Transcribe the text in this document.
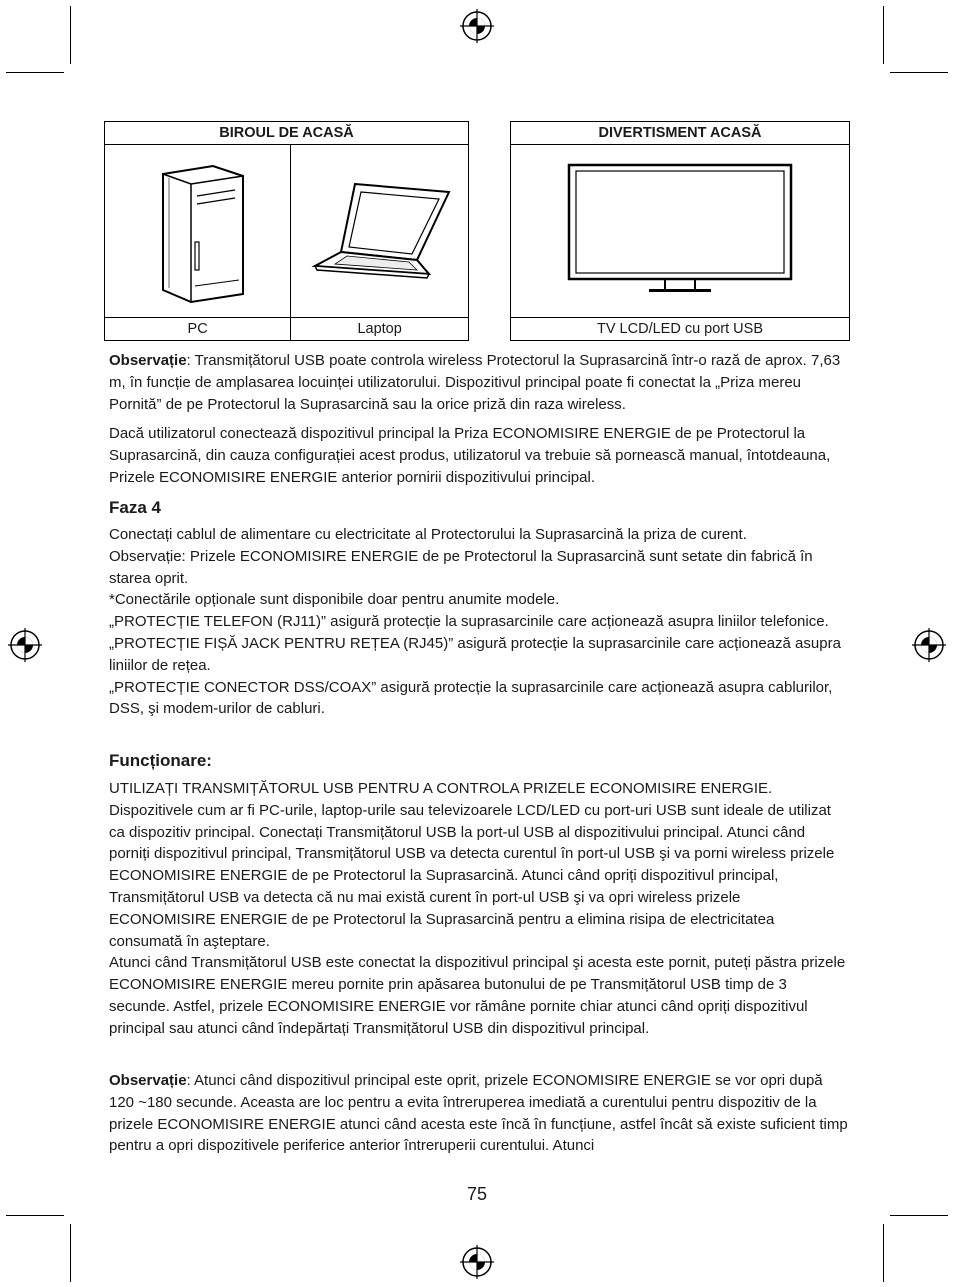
BIROUL DE ACASĂ	

PC	Laptop
DIVERTISMENT ACASĂ

TV LCD/LED cu port USB

Observație: Transmițătorul USB poate controla wireless Protectorul la Suprasarcină într-o rază de aprox. 7,63 m, în funcție de amplasarea locuinței utilizatorului. Dispozitivul principal poate fi conectat la „Priza mereu Pornită” de pe Protectorul la Suprasarcină sau la orice priză din raza wireless.

Dacă utilizatorul conectează dispozitivul principal la Priza ECONOMISIRE ENERGIE de pe Protectorul la Suprasarcină, din cauza configurației acest produs, utilizatorul va trebuie să pornească manual, întotdeauna, Prizele ECONOMISIRE ENERGIE anterior pornirii dispozitivului principal.

Faza 4

Conectați cablul de alimentare cu electricitate al Protectorului la Suprasarcină la priza de curent.

Observație: Prizele ECONOMISIRE ENERGIE de pe Protectorul la Suprasarcină sunt setate din fabrică în starea oprit.

*Conectările opționale sunt disponibile doar pentru anumite modele.

„PROTECȚIE TELEFON (RJ11)” asigură protecție la suprasarcinile care acționează asupra liniilor telefonice.

„PROTECȚIE FIȘĂ JACK PENTRU REȚEA (RJ45)” asigură protecție la suprasarcinile care acționează asupra liniilor de rețea.

„PROTECȚIE CONECTOR DSS/COAX” asigură protecție la suprasarcinile care acționează asupra cablurilor, DSS, şi modem-urilor de cabluri.

Funcționare:

UTILIZAȚI TRANSMIȚĂTORUL USB PENTRU A CONTROLA PRIZELE ECONOMISIRE ENERGIE. Dispozitivele cum ar fi PC-urile, laptop-urile sau televizoarele LCD/LED cu port-uri USB sunt ideale de utilizat ca dispozitiv principal. Conectați Transmițătorul USB la port-ul USB al dispozitivului principal. Atunci când porniți dispozitivul principal, Transmițătorul USB va detecta curentul în port-ul USB şi va porni wireless prizele ECONOMISIRE ENERGIE de pe Protectorul la Suprasarcină. Atunci când opriți dispozitivul principal, Transmițătorul USB va detecta că nu mai există curent în port-ul USB şi va opri wireless prizele ECONOMISIRE ENERGIE de pe Protectorul la Suprasarcină pentru a elimina risipa de electricitatea consumată în aşteptare.

Atunci când Transmițătorul USB este conectat la dispozitivul principal şi acesta este pornit, puteți păstra prizele ECONOMISIRE ENERGIE mereu pornite prin apăsarea butonului de pe Transmițătorul USB timp de 3 secunde. Astfel, prizele ECONOMISIRE ENERGIE vor rămâne pornite chiar atunci când opriți dispozitivul principal sau atunci când îndepărtați Transmițătorul USB din dispozitivul principal.

Observație: Atunci când dispozitivul principal este oprit, prizele ECONOMISIRE ENERGIE se vor opri după 120 ~180 secunde. Aceasta are loc pentru a evita întreruperea imediată a curentului pentru dispozitiv de la prizele ECONOMISIRE ENERGIE atunci când acesta este încă în funcțiune, astfel încât să existe suficient timp pentru a opri dispozitivele periferice anterior întreruperii curentului. Atunci

75
